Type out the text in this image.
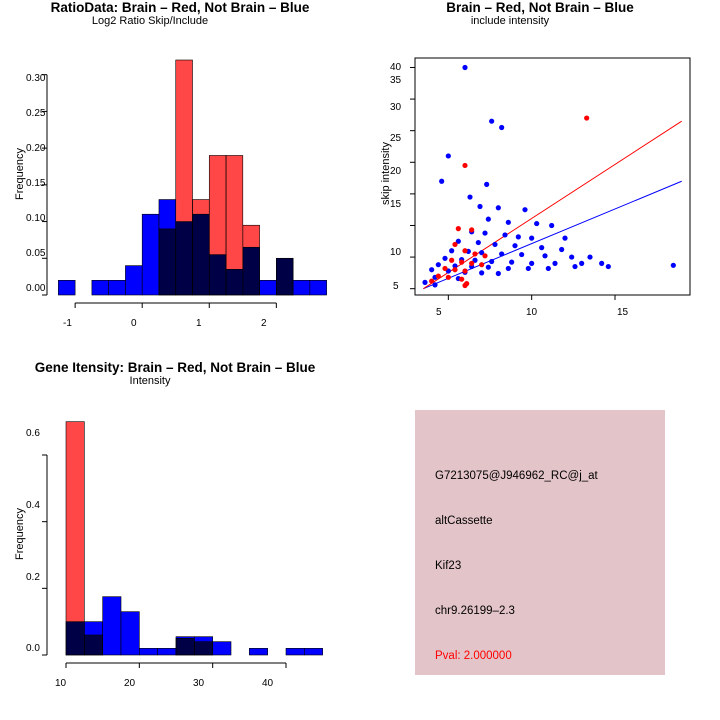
RatioData: Brain – Red, Not Brain – Blue
Frequency
Log2 Ratio Skip/Include
0.00
0.05
0.10
0.15
0.20
0.25
0.30
-1	0	1	2
Brain – Red, Not Brain – Blue
skip intensity
include intensity
5
10
15
20
25
30
35
40
5	10	15
Gene Itensity: Brain – Red, Not Brain – Blue
Frequency
Intensity
0.0
0.2
0.4
0.6
10	20	30	40
G7213075@J946962_RC@j_at
altCassette
Kif23
chr9.26199–2.3
Pval: 2.000000
